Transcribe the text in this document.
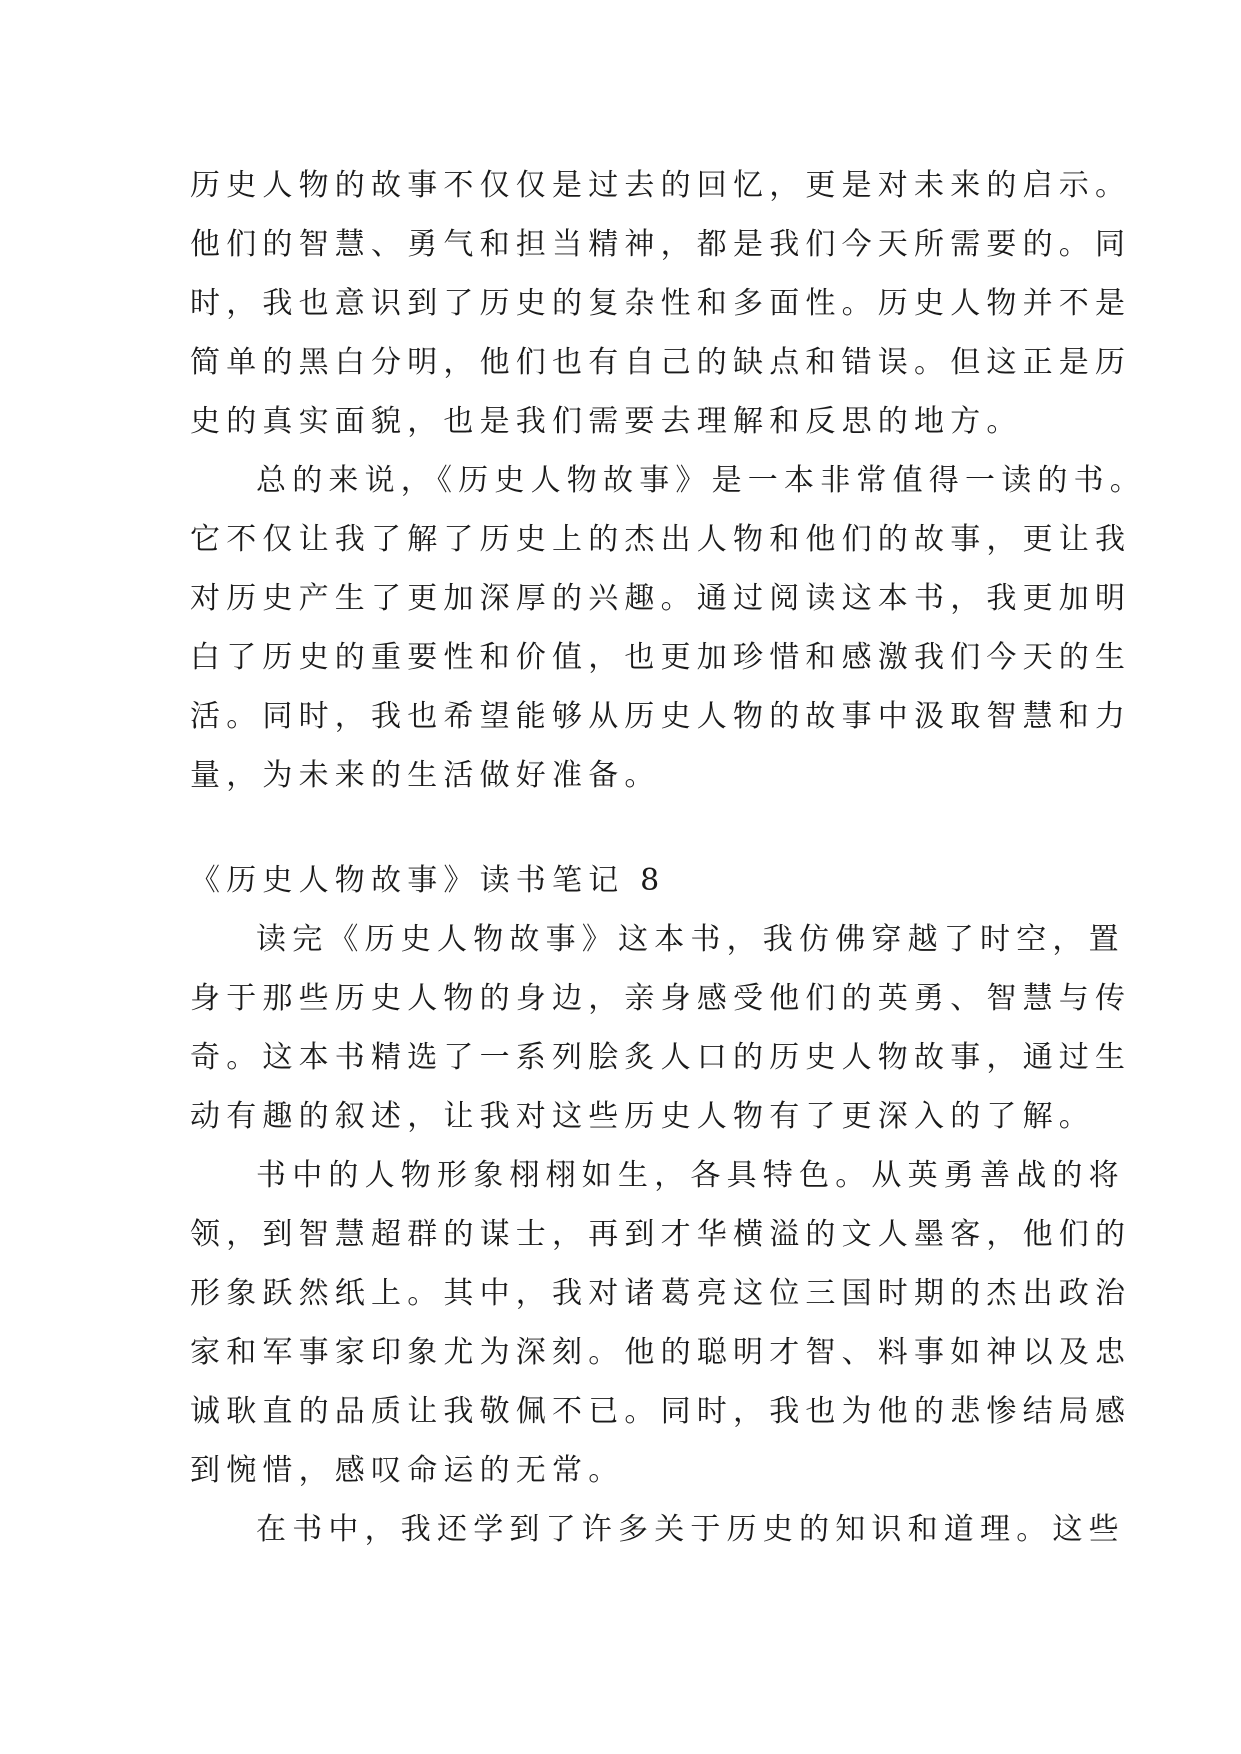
历史人物的故事不仅仅是过去的回忆，更是对未来的启示。
他们的智慧、勇气和担当精神，都是我们今天所需要的。同
时，我也意识到了历史的复杂性和多面性。历史人物并不是
简单的黑白分明，他们也有自己的缺点和错误。但这正是历
史的真实面貌，也是我们需要去理解和反思的地方。
总的来说，《历史人物故事》是一本非常值得一读的书。
它不仅让我了解了历史上的杰出人物和他们的故事，更让我
对历史产生了更加深厚的兴趣。通过阅读这本书，我更加明
白了历史的重要性和价值，也更加珍惜和感激我们今天的生
活。同时，我也希望能够从历史人物的故事中汲取智慧和力
量，为未来的生活做好准备。
《历史人物故事》读书笔记 8
读完《历史人物故事》这本书，我仿佛穿越了时空，置
身于那些历史人物的身边，亲身感受他们的英勇、智慧与传
奇。这本书精选了一系列脍炙人口的历史人物故事，通过生
动有趣的叙述，让我对这些历史人物有了更深入的了解。
书中的人物形象栩栩如生，各具特色。从英勇善战的将
领，到智慧超群的谋士，再到才华横溢的文人墨客，他们的
形象跃然纸上。其中，我对诸葛亮这位三国时期的杰出政治
家和军事家印象尤为深刻。他的聪明才智、料事如神以及忠
诚耿直的品质让我敬佩不已。同时，我也为他的悲惨结局感
到惋惜，感叹命运的无常。
在书中，我还学到了许多关于历史的知识和道理。这些
